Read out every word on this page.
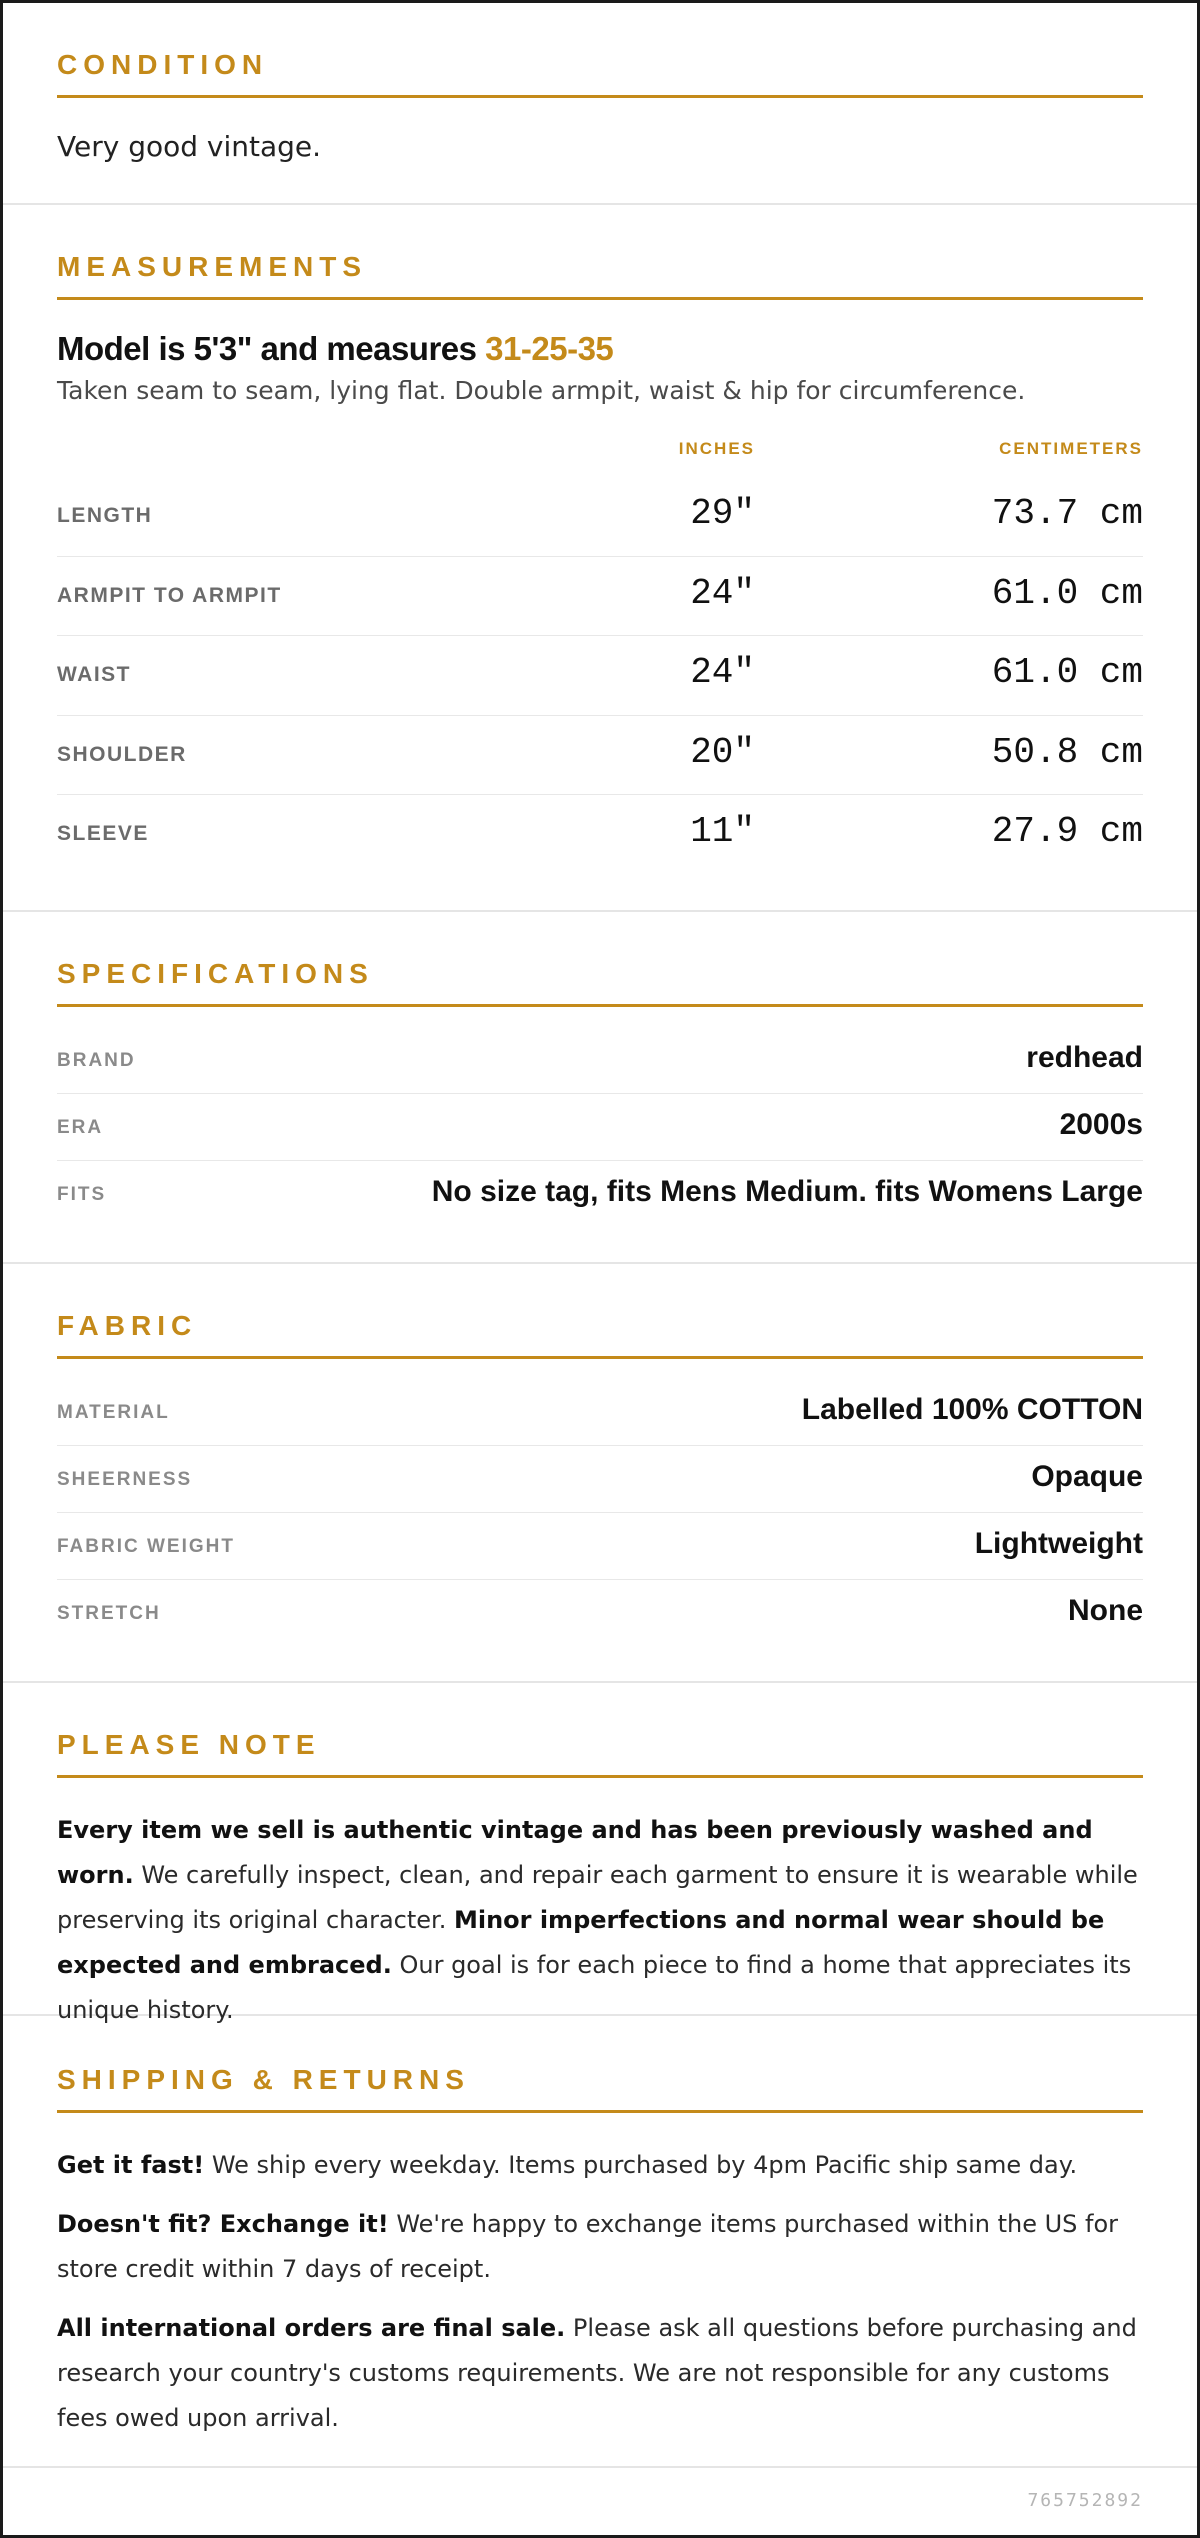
CONDITION
Very good vintage.
MEASUREMENTS
Model is 5'3" and measures 31-25-35
Taken seam to seam, lying flat. Double armpit, waist & hip for circumference.
INCHES	CENTIMETERS
LENGTH	29"	73.7 cm
ARMPIT TO ARMPIT	24"	61.0 cm
WAIST	24"	61.0 cm
SHOULDER	20"	50.8 cm
SLEEVE	11"	27.9 cm
SPECIFICATIONS
BRAND	redhead
ERA	2000s
FITS	No size tag, fits Mens Medium. fits Womens Large
FABRIC
MATERIAL	Labelled 100% COTTON
SHEERNESS	Opaque
FABRIC WEIGHT	Lightweight
STRETCH	None
PLEASE NOTE

Every item we sell is authentic vintage and has been previously washed and worn. We carefully inspect, clean, and repair each garment to ensure it is wearable while preserving its original character. Minor imperfections and normal wear should be expected and embraced. Our goal is for each piece to find a home that appreciates its unique history.

SHIPPING & RETURNS

Get it fast! We ship every weekday. Items purchased by 4pm Pacific ship same day.

Doesn't fit? Exchange it! We're happy to exchange items purchased within the US for store credit within 7 days of receipt.

All international orders are final sale. Please ask all questions before purchasing and research your country's customs requirements. We are not responsible for any customs fees owed upon arrival.

765752892
